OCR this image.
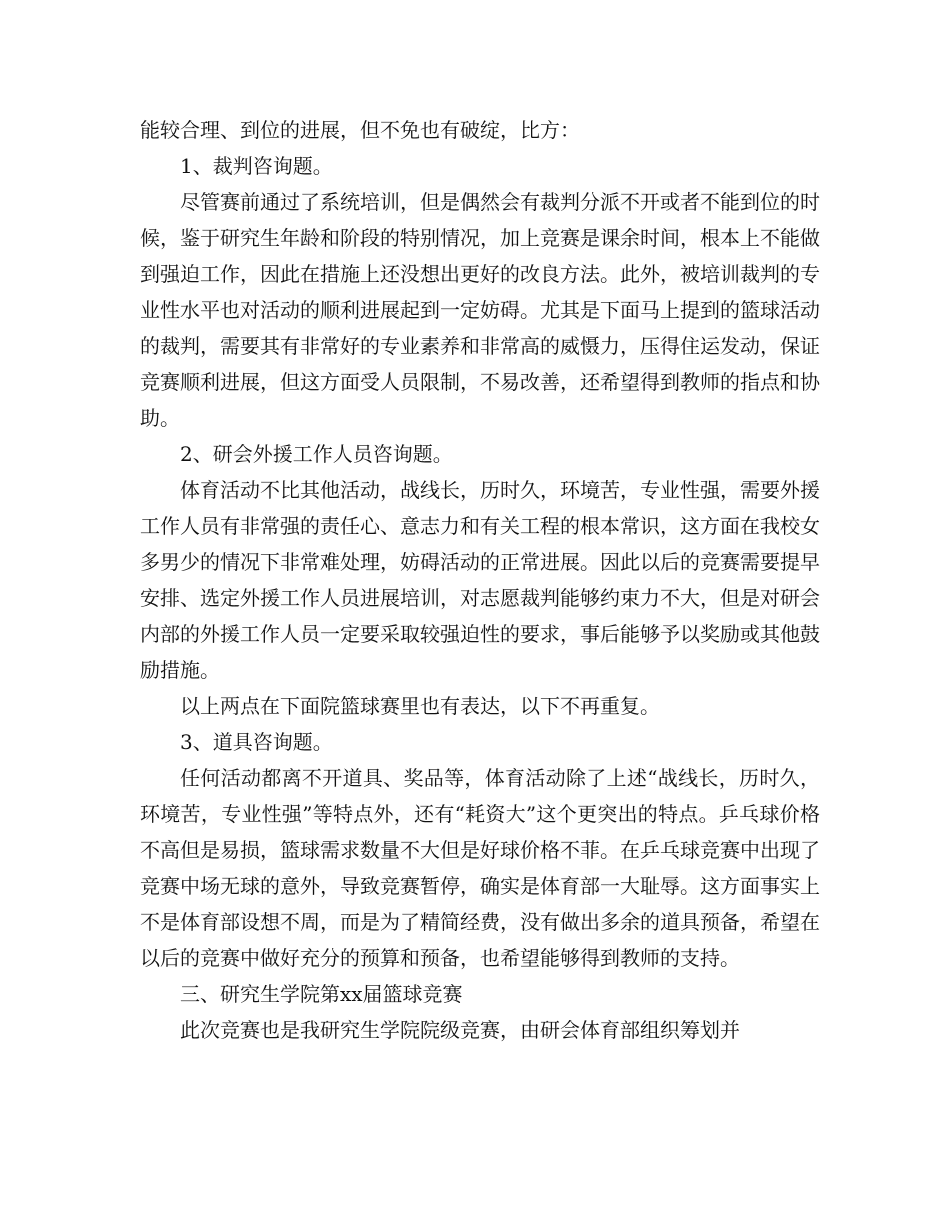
能较合理、到位的进展，但不免也有破绽，比方：

1、裁判咨询题。

尽管赛前通过了系统培训，但是偶然会有裁判分派不开或者不能到位的时候，鉴于研究生年龄和阶段的特别情况，加上竞赛是课余时间，根本上不能做到强迫工作，因此在措施上还没想出更好的改良方法。此外，被培训裁判的专业性水平也对活动的顺利进展起到一定妨碍。尤其是下面马上提到的篮球活动的裁判，需要其有非常好的专业素养和非常高的威慑力，压得住运发动，保证竞赛顺利进展，但这方面受人员限制，不易改善，还希望得到教师的指点和协助。

2、研会外援工作人员咨询题。

体育活动不比其他活动，战线长，历时久，环境苦，专业性强，需要外援工作人员有非常强的责任心、意志力和有关工程的根本常识，这方面在我校女多男少的情况下非常难处理，妨碍活动的正常进展。因此以后的竞赛需要提早安排、选定外援工作人员进展培训，对志愿裁判能够约束力不大，但是对研会内部的外援工作人员一定要采取较强迫性的要求，事后能够予以奖励或其他鼓励措施。

以上两点在下面院篮球赛里也有表达，以下不再重复。

3、道具咨询题。

任何活动都离不开道具、奖品等，体育活动除了上述“战线长，历时久，环境苦，专业性强”等特点外，还有“耗资大”这个更突出的特点。乒乓球价格不高但是易损，篮球需求数量不大但是好球价格不菲。在乒乓球竞赛中出现了竞赛中场无球的意外，导致竞赛暂停，确实是体育部一大耻辱。这方面事实上不是体育部设想不周，而是为了精简经费，没有做出多余的道具预备，希望在以后的竞赛中做好充分的预算和预备，也希望能够得到教师的支持。

三、研究生学院第xx届篮球竞赛

此次竞赛也是我研究生学院院级竞赛，由研会体育部组织筹划并
